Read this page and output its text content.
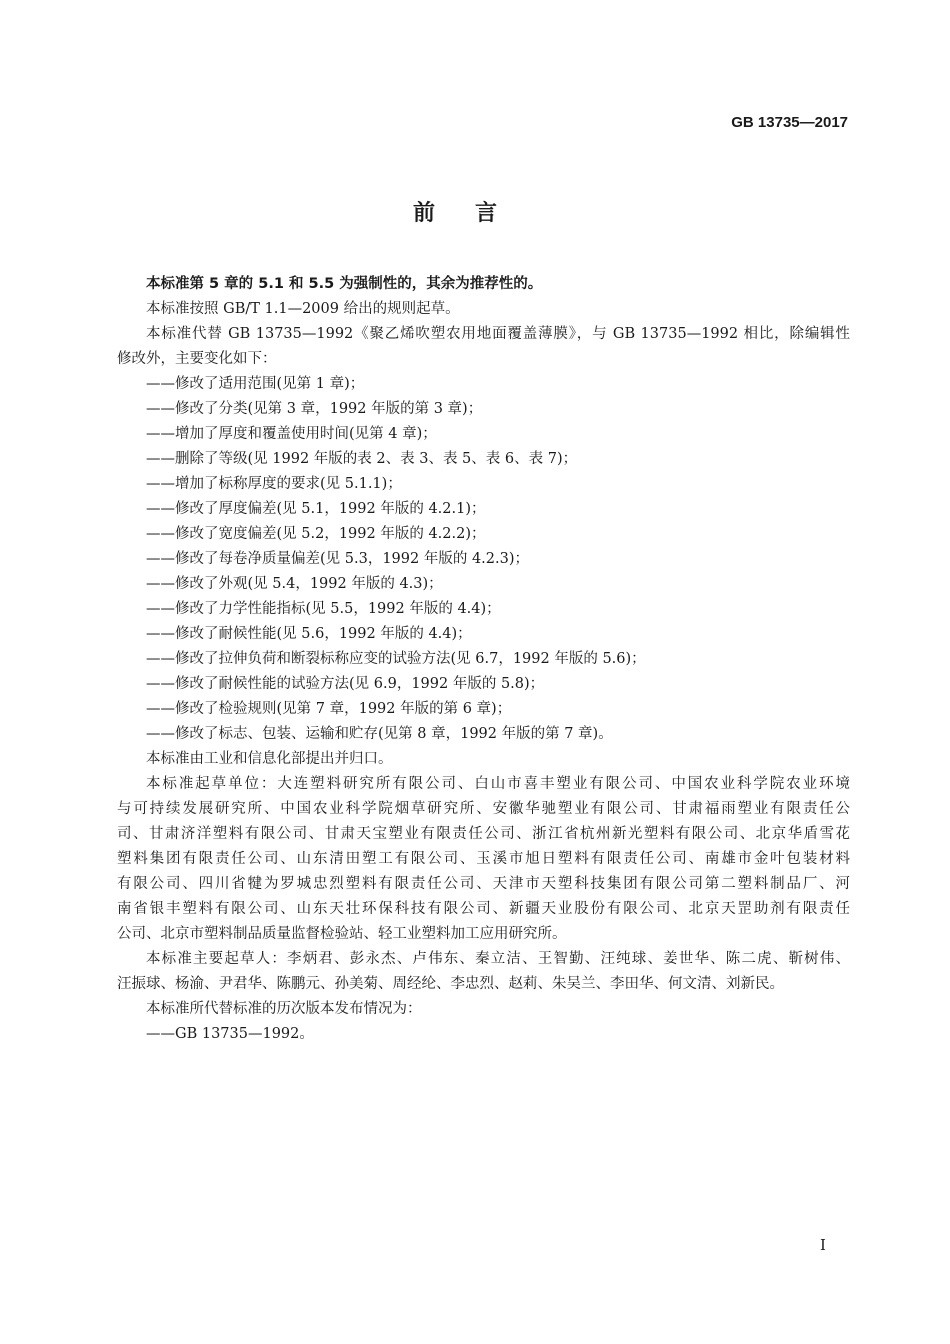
GB 13735—2017
前言
本标准第 5 章的 5.1 和 5.5 为强制性的，其余为推荐性的。
本标准按照 GB/T 1.1—2009 给出的规则起草。
本标准代替 GB 13735—1992《聚乙烯吹塑农用地面覆盖薄膜》，与 GB 13735—1992 相比，除编辑性
修改外，主要变化如下：
——修改了适用范围(见第 1 章)；
——修改了分类(见第 3 章，1992 年版的第 3 章)；
——增加了厚度和覆盖使用时间(见第 4 章)；
——删除了等级(见 1992 年版的表 2、表 3、表 5、表 6、表 7)；
——增加了标称厚度的要求(见 5.1.1)；
——修改了厚度偏差(见 5.1，1992 年版的 4.2.1)；
——修改了宽度偏差(见 5.2，1992 年版的 4.2.2)；
——修改了每卷净质量偏差(见 5.3，1992 年版的 4.2.3)；
——修改了外观(见 5.4，1992 年版的 4.3)；
——修改了力学性能指标(见 5.5，1992 年版的 4.4)；
——修改了耐候性能(见 5.6，1992 年版的 4.4)；
——修改了拉伸负荷和断裂标称应变的试验方法(见 6.7，1992 年版的 5.6)；
——修改了耐候性能的试验方法(见 6.9，1992 年版的 5.8)；
——修改了检验规则(见第 7 章，1992 年版的第 6 章)；
——修改了标志、包装、运输和贮存(见第 8 章，1992 年版的第 7 章)。
本标准由工业和信息化部提出并归口。
本标准起草单位：大连塑料研究所有限公司、白山市喜丰塑业有限公司、中国农业科学院农业环境
与可持续发展研究所、中国农业科学院烟草研究所、安徽华驰塑业有限公司、甘肃福雨塑业有限责任公
司、甘肃济洋塑料有限公司、甘肃天宝塑业有限责任公司、浙江省杭州新光塑料有限公司、北京华盾雪花
塑料集团有限责任公司、山东清田塑工有限公司、玉溪市旭日塑料有限责任公司、南雄市金叶包装材料
有限公司、四川省犍为罗城忠烈塑料有限责任公司、天津市天塑科技集团有限公司第二塑料制品厂、河
南省银丰塑料有限公司、山东天壮环保科技有限公司、新疆天业股份有限公司、北京天罡助剂有限责任
公司、北京市塑料制品质量监督检验站、轻工业塑料加工应用研究所。
本标准主要起草人：李炳君、彭永杰、卢伟东、秦立洁、王智勤、汪纯球、姜世华、陈二虎、靳树伟、
汪振球、杨渝、尹君华、陈鹏元、孙美菊、周经纶、李忠烈、赵莉、朱吴兰、李田华、何文清、刘新民。
本标准所代替标准的历次版本发布情况为：
——GB 13735—1992。
I
